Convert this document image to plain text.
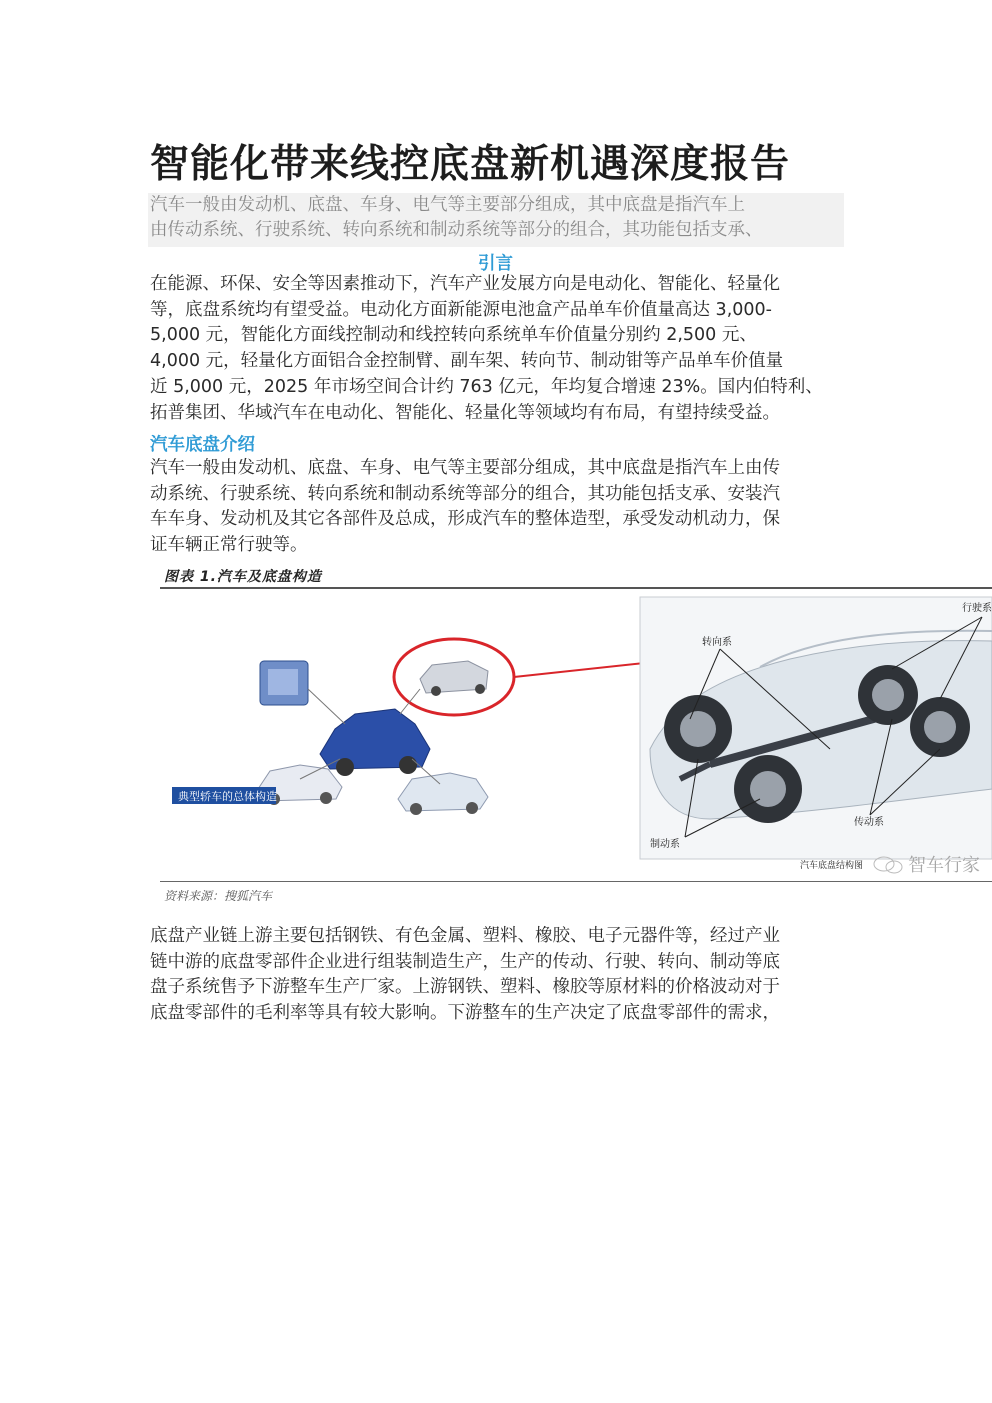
智能化带来线控底盘新机遇深度报告

汽车一般由发动机、底盘、车身、电气等主要部分组成，其中底盘是指汽车上

由传动系统、行驶系统、转向系统和制动系统等部分的组合，其功能包括支承、

引言

在能源、环保、安全等因素推动下，汽车产业发展方向是电动化、智能化、轻量化

等，底盘系统均有望受益。电动化方面新能源电池盒产品单车价值量高达 3,000-

5,000 元，智能化方面线控制动和线控转向系统单车价值量分别约 2,500 元、

4,000 元，轻量化方面铝合金控制臂、副车架、转向节、制动钳等产品单车价值量

近 5,000 元，2025 年市场空间合计约 763 亿元，年均复合增速 23%。国内伯特利、

拓普集团、华域汽车在电动化、智能化、轻量化等领域均有布局，有望持续受益。

汽车底盘介绍

汽车一般由发动机、底盘、车身、电气等主要部分组成，其中底盘是指汽车上由传

动系统、行驶系统、转向系统和制动系统等部分的组合，其功能包括支承、安装汽

车车身、发动机及其它各部件及总成，形成汽车的整体造型，承受发动机动力，保

证车辆正常行驶等。

图表 1.汽车及底盘构造
典型轿车的总体构造
转向系
行驶系
制动系
传动系
汽车底盘结构图 智车行家
资料来源：搜狐汽车

底盘产业链上游主要包括钢铁、有色金属、塑料、橡胶、电子元器件等，经过产业

链中游的底盘零部件企业进行组装制造生产，生产的传动、行驶、转向、制动等底

盘子系统售予下游整车生产厂家。上游钢铁、塑料、橡胶等原材料的价格波动对于

底盘零部件的毛利率等具有较大影响。下游整车的生产决定了底盘零部件的需求，
